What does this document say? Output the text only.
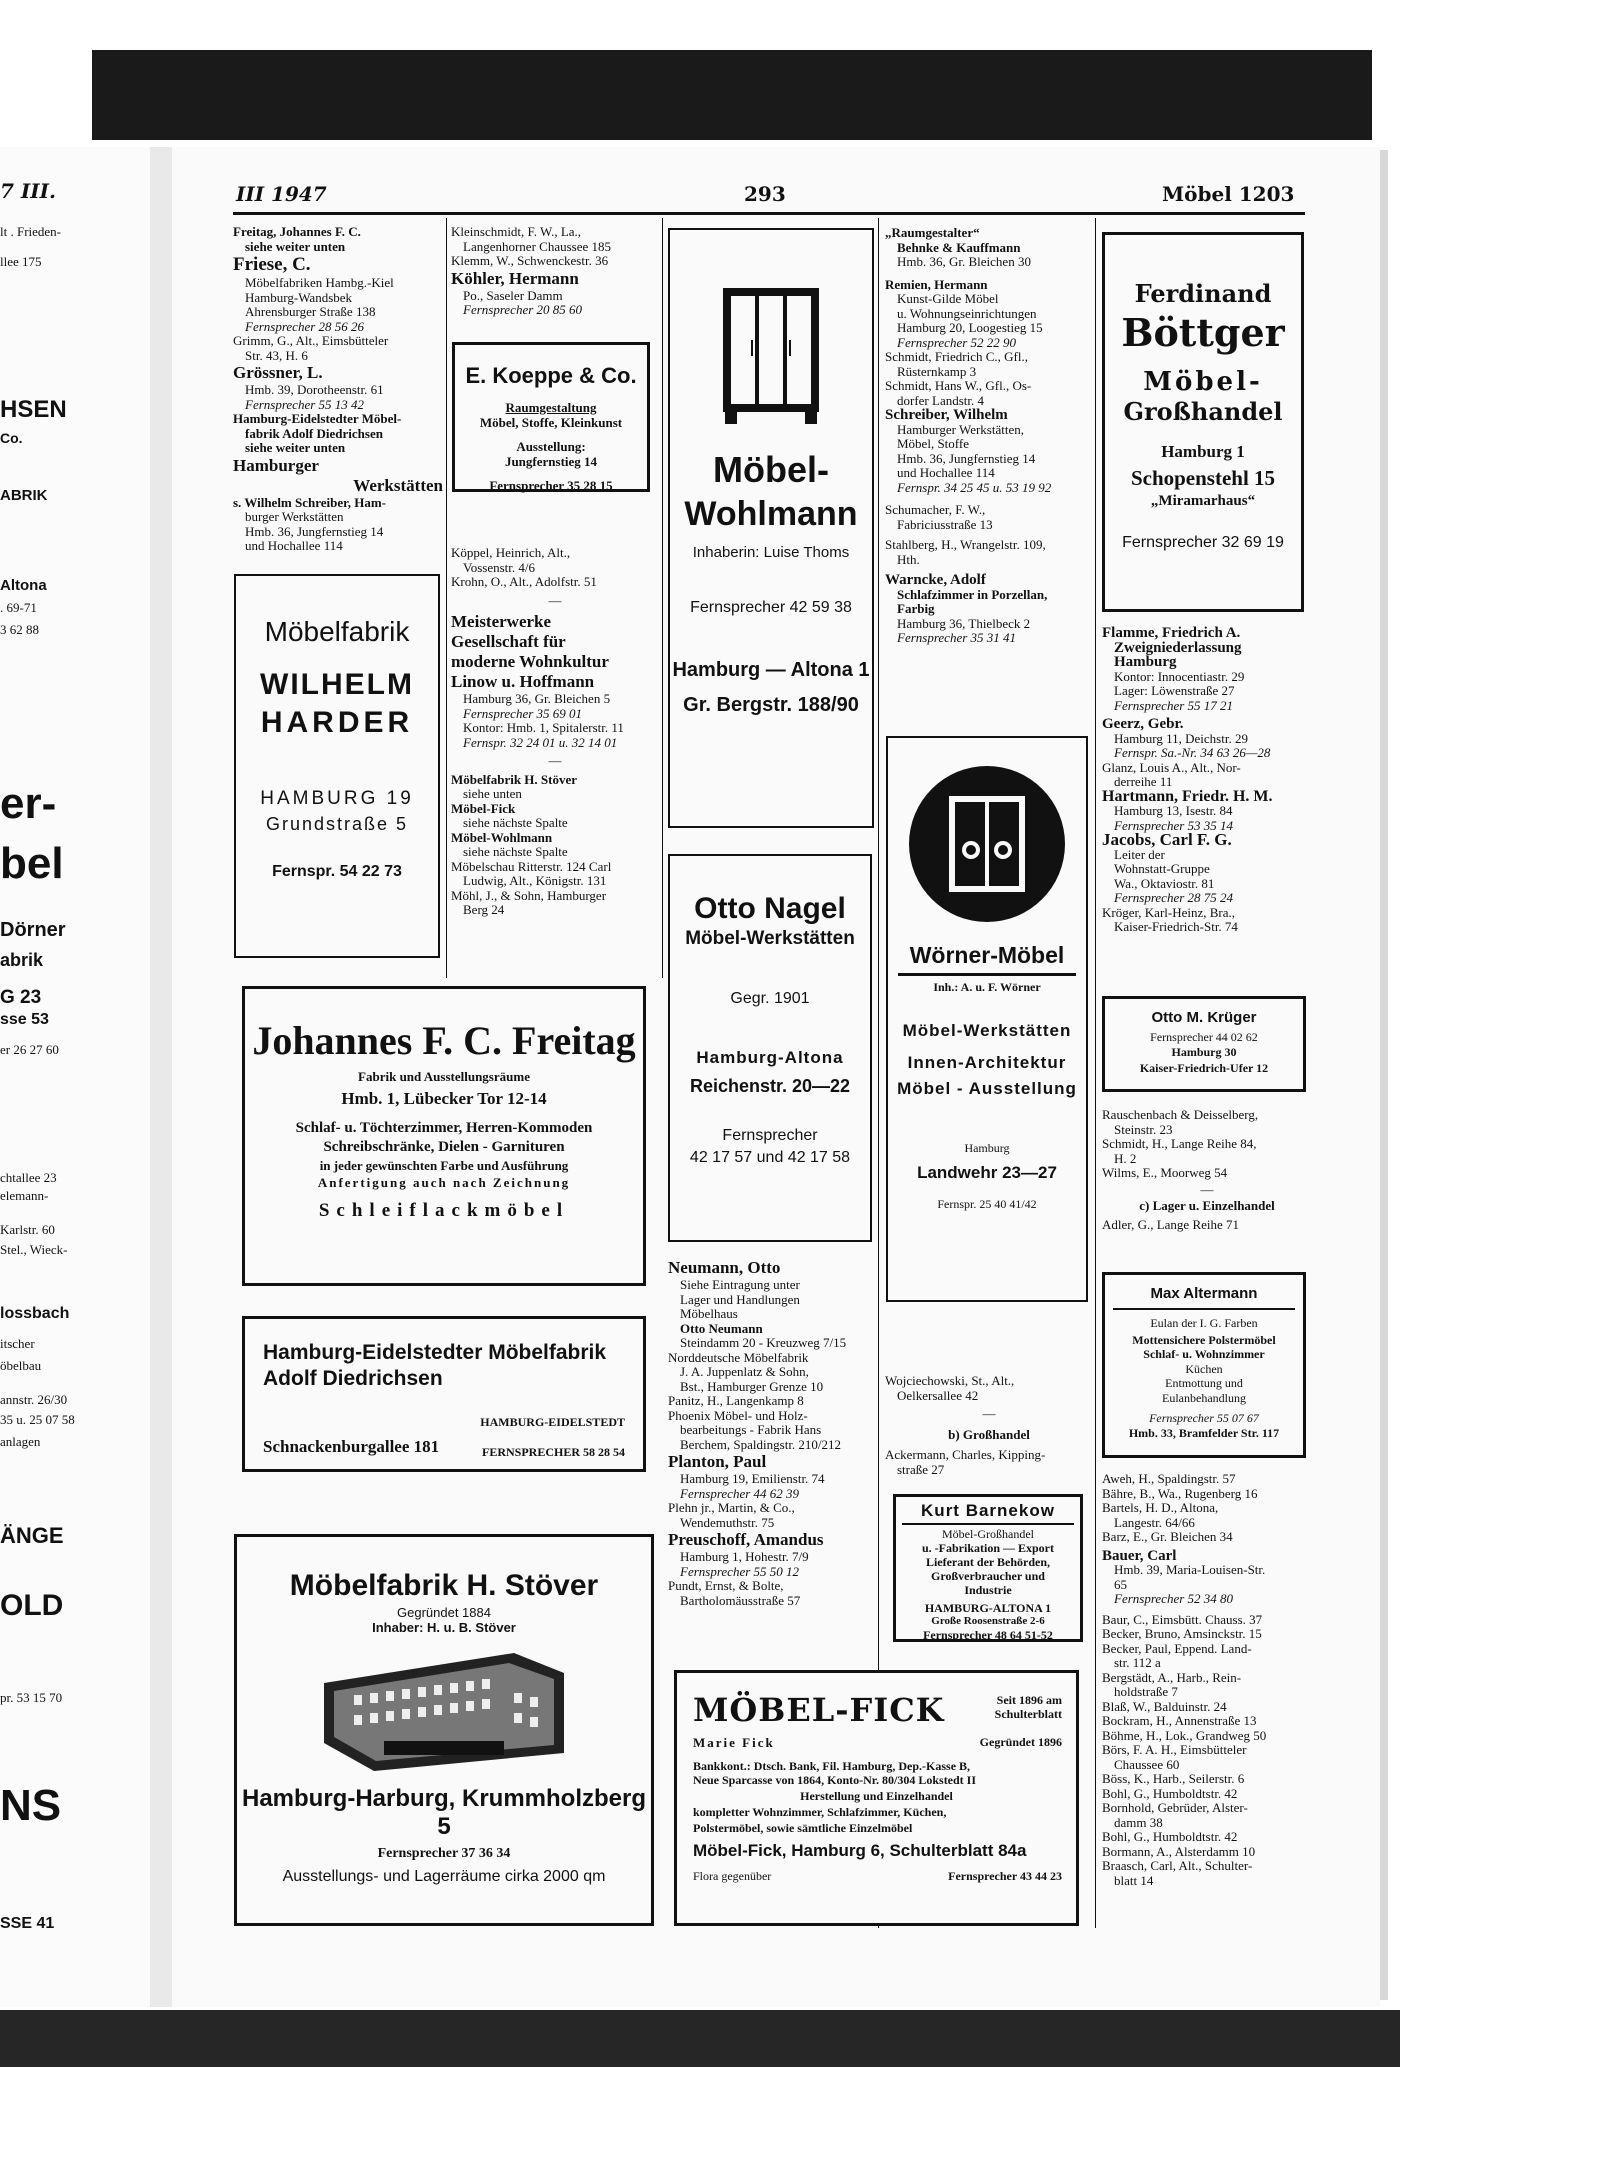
7 III.

lt . Frieden-

llee 175

HSEN

Co.

ABRIK

Altona

. 69-71

3 62 88

er-

bel

Dörner

abrik

G 23

sse 53

er 26 27 60

chtallee 23

elemann-

Karlstr. 60

Stel., Wieck-

lossbach

itscher

öbelbau

annstr. 26/30

35 u. 25 07 58

anlagen

ÄNGE

OLD

pr. 53 15 70

NS

SSE 41

III 1947	293	Möbel 1203

Freitag, Johannes F. C.

siehe weiter unten

Friese, C.

Möbelfabriken Hambg.-Kiel

Hamburg-Wandsbek

Ahrensburger Straße 138

Fernsprecher 28 56 26

Grimm, G., Alt., Eimsbütteler

Str. 43, H. 6

Grössner, L.

Hmb. 39, Dorotheenstr. 61

Fernsprecher 55 13 42

Hamburg-Eidelstedter Möbel-

fabrik Adolf Diedrichsen

siehe weiter unten

Hamburger

Werkstätten

s. Wilhelm Schreiber, Ham-

burger Werkstätten

Hmb. 36, Jungfernstieg 14

und Hochallee 114

Kleinschmidt, F. W., La.,

Langenhorner Chaussee 185

Klemm, W., Schwenckestr. 36

Köhler, Hermann

Po., Saseler Damm

Fernsprecher 20 85 60

E. Koeppe & Co.
Raumgestaltung
Möbel, Stoffe, Kleinkunst
Ausstellung:
Jungfernstieg 14
Fernsprecher 35 28 15

Köppel, Heinrich, Alt.,

Vossenstr. 4/6

Krohn, O., Alt., Adolfstr. 51

—

Meisterwerke

Gesellschaft für

moderne Wohnkultur

Linow u. Hoffmann

Hamburg 36, Gr. Bleichen 5

Fernsprecher 35 69 01

Kontor: Hmb. 1, Spitalerstr. 11

Fernspr. 32 24 01 u. 32 14 01

—

Möbelfabrik H. Stöver

siehe unten

Möbel-Fick

siehe nächste Spalte

Möbel-Wohlmann

siehe nächste Spalte

Möbelschau Ritterstr. 124 Carl

Ludwig, Alt., Königstr. 131

Möhl, J., & Sohn, Hamburger

Berg 24

Möbelfabrik
WILHELM
HARDER
HAMBURG 19
Grundstraße 5
Fernspr. 54 22 73
Johannes F. C. Freitag
Fabrik und Ausstellungsräume
Hmb. 1, Lübecker Tor 12-14
Schlaf- u. Töchterzimmer, Herren-Kommoden
Schreibschränke, Dielen - Garnituren
in jeder gewünschten Farbe und Ausführung
Anfertigung auch nach Zeichnung
Schleiflackmöbel
Hamburg-Eidelstedter Möbelfabrik
Adolf Diedrichsen
HAMBURG-EIDELSTEDT
Schnackenburgallee 181	FERNSPRECHER 58 28 54
Möbelfabrik H. Stöver
Gegründet 1884
Inhaber: H. u. B. Stöver
Hamburg-Harburg, Krummholzberg 5
Fernsprecher 37 36 34
Ausstellungs- und Lagerräume cirka 2000 qm
Möbel-
Wohlmann
Inhaberin: Luise Thoms
Fernsprecher 42 59 38
Hamburg — Altona 1
Gr. Bergstr. 188/90
Otto Nagel
Möbel-Werkstätten
Gegr. 1901
Hamburg-Altona
Reichenstr. 20—22
Fernsprecher
42 17 57 und 42 17 58

Neumann, Otto

Siehe Eintragung unter

Lager und Handlungen

Möbelhaus

Otto Neumann

Steindamm 20 - Kreuzweg 7/15

Norddeutsche Möbelfabrik

J. A. Juppenlatz & Sohn,

Bst., Hamburger Grenze 10

Panitz, H., Langenkamp 8

Phoenix Möbel- und Holz-

bearbeitungs - Fabrik Hans

Berchem, Spaldingstr. 210/212

Planton, Paul

Hamburg 19, Emilienstr. 74

Fernsprecher 44 62 39

Plehn jr., Martin, & Co.,

Wendemuthstr. 75

Preuschoff, Amandus

Hamburg 1, Hohestr. 7/9

Fernsprecher 55 50 12

Pundt, Ernst, & Bolte,

Bartholomäusstraße 57

„Raumgestalter“

Behnke & Kauffmann

Hmb. 36, Gr. Bleichen 30

Remien, Hermann

Kunst-Gilde Möbel

u. Wohnungseinrichtungen

Hamburg 20, Loogestieg 15

Fernsprecher 52 22 90

Schmidt, Friedrich C., Gfl.,

Rüsternkamp 3

Schmidt, Hans W., Gfl., Os-

dorfer Landstr. 4

Schreiber, Wilhelm

Hamburger Werkstätten,

Möbel, Stoffe

Hmb. 36, Jungfernstieg 14

und Hochallee 114

Fernspr. 34 25 45 u. 53 19 92

Schumacher, F. W.,

Fabriciusstraße 13

Stahlberg, H., Wrangelstr. 109,

Hth.

Warncke, Adolf

Schlafzimmer in Porzellan,

Farbig

Hamburg 36, Thielbeck 2

Fernsprecher 35 31 41

Wörner-Möbel
Inh.: A. u. F. Wörner
Möbel-Werkstätten
Innen-Architektur
Möbel - Ausstellung
Hamburg
Landwehr 23—27
Fernspr. 25 40 41/42

Wojciechowski, St., Alt.,

Oelkersallee 42

—

b) Großhandel

Ackermann, Charles, Kipping-

straße 27

Kurt Barnekow
Möbel-Großhandel
u. -Fabrikation — Export
Lieferant der Behörden,
Großverbraucher und
Industrie
HAMBURG-ALTONA 1
Große Roosenstraße 2-6
Fernsprecher 48 64 51-52
MÖBEL-FICK	Seit 1896 am
Schulterblatt
Marie Fick	Gegründet 1896
Bankkont.: Dtsch. Bank, Fil. Hamburg, Dep.-Kasse B,
Neue Sparcasse von 1864, Konto-Nr. 80/304 Lokstedt II
Herstellung und Einzelhandel
kompletter Wohnzimmer, Schlafzimmer, Küchen,
Polstermöbel, sowie sämtliche Einzelmöbel
Möbel-Fick, Hamburg 6, Schulterblatt 84a
Flora gegenüber	Fernsprecher 43 44 23
Ferdinand
Böttger
Möbel-
Großhandel
Hamburg 1
Schopenstehl 15
„Miramarhaus“
Fernsprecher 32 69 19

Flamme, Friedrich A.

Zweigniederlassung

Hamburg

Kontor: Innocentiastr. 29

Lager: Löwenstraße 27

Fernsprecher 55 17 21

Geerz, Gebr.

Hamburg 11, Deichstr. 29

Fernspr. Sa.-Nr. 34 63 26—28

Glanz, Louis A., Alt., Nor-

derreihe 11

Hartmann, Friedr. H. M.

Hamburg 13, Isestr. 84

Fernsprecher 53 35 14

Jacobs, Carl F. G.

Leiter der

Wohnstatt-Gruppe

Wa., Oktaviostr. 81

Fernsprecher 28 75 24

Kröger, Karl-Heinz, Bra.,

Kaiser-Friedrich-Str. 74

Otto M. Krüger
Fernsprecher 44 02 62
Hamburg 30
Kaiser-Friedrich-Ufer 12

Rauschenbach & Deisselberg,

Steinstr. 23

Schmidt, H., Lange Reihe 84,

H. 2

Wilms, E., Moorweg 54

—

c) Lager u. Einzelhandel

Adler, G., Lange Reihe 71

Max Altermann
Eulan der I. G. Farben
Mottensichere Polstermöbel
Schlaf- u. Wohnzimmer
Küchen
Entmottung und
Eulanbehandlung
Fernsprecher 55 07 67
Hmb. 33, Bramfelder Str. 117

Aweh, H., Spaldingstr. 57

Bähre, B., Wa., Rugenberg 16

Bartels, H. D., Altona,

Langestr. 64/66

Barz, E., Gr. Bleichen 34

Bauer, Carl

Hmb. 39, Maria-Louisen-Str.

65

Fernsprecher 52 34 80

Baur, C., Eimsbütt. Chauss. 37

Becker, Bruno, Amsinckstr. 15

Becker, Paul, Eppend. Land-

str. 112 a

Bergstädt, A., Harb., Rein-

holdstraße 7

Blaß, W., Balduinstr. 24

Bockram, H., Annenstraße 13

Böhme, H., Lok., Grandweg 50

Börs, F. A. H., Eimsbütteler

Chaussee 60

Böss, K., Harb., Seilerstr. 6

Bohl, G., Humboldtstr. 42

Bornhold, Gebrüder, Alster-

damm 38

Bohl, G., Humboldtstr. 42

Bormann, A., Alsterdamm 10

Braasch, Carl, Alt., Schulter-

blatt 14
